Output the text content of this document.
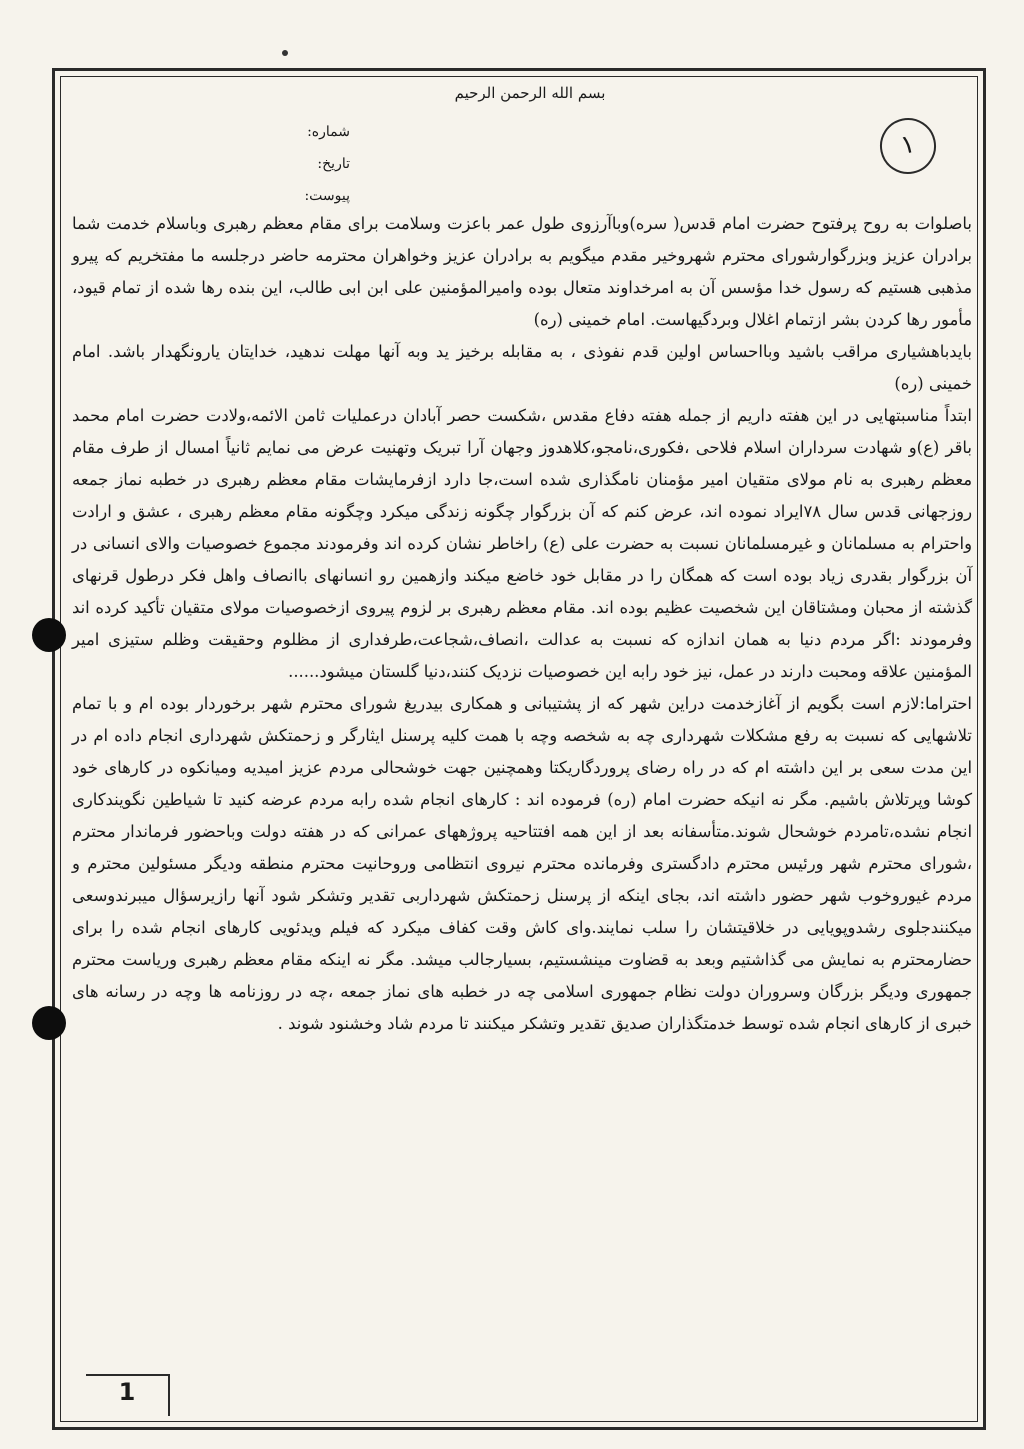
بسم الله الرحمن الرحیم
شماره:
تاریخ:
پیوست:
۱

باصلوات به روح پرفتوح حضرت امام قدس( سره)وباآرزوی طول عمر باعزت وسلامت برای مقام معظم رهبری وباسلام خدمت شما برادران عزیز وبزرگوارشورای محترم شهروخیر مقدم میگویم به برادران عزیز وخواهران محترمه حاضر درجلسه ما مفتخریم که پیرو مذهبی هستیم که رسول خدا مؤسس آن به امرخداوند متعال بوده وامیرالمؤمنین علی ابن ابی طالب، این بنده رها شده از تمام قیود، مأمور رها کردن بشر ازتمام اغلال وبردگیهاست. امام خمینی (ره)

بایدباهشیاری مراقب باشید وبااحساس اولین قدم نفوذی ، به مقابله برخیز ید وبه آنها مهلت ندهید، خدایتان یارونگهدار باشد. امام خمینی (ره)

ابتداً مناسبتهایی در این هفته داریم از جمله هفته دفاع مقدس ،شکست حصر آبادان درعملیات ثامن الائمه،ولادت حضرت امام محمد باقر (ع)و شهادت سرداران اسلام فلاحی ،فکوری،نامجو،کلاهدوز وجهان آرا تبریک وتهنیت عرض می نمایم ثانیاً امسال از طرف مقام معظم رهبری به نام مولای متقیان امیر مؤمنان نامگذاری شده است،جا دارد ازفرمایشات مقام معظم رهبری در خطبه نماز جمعه روزجهانی قدس سال ۷۸ایراد نموده اند، عرض کنم که آن بزرگوار چگونه زندگی میکرد وچگونه مقام معظم رهبری ، عشق و ارادت واحترام به مسلمانان و غیرمسلمانان نسبت به حضرت علی (ع) راخاطر نشان کرده اند وفرمودند مجموع خصوصیات والای انسانی در آن بزرگوار بقدری زیاد بوده است که همگان را در مقابل خود خاضع میکند وازهمین رو انسانهای باانصاف واهل فکر درطول قرنهای گذشته از محبان ومشتاقان این شخصیت عظیم بوده اند. مقام معظم رهبری بر لزوم پیروی ازخصوصیات مولای متقیان تأکید کرده اند وفرمودند :اگر مردم دنیا به همان اندازه که نسبت به عدالت ،انصاف،شجاعت،طرفداری از مظلوم وحقیقت وظلم ستیزی امیر المؤمنین علاقه ومحبت دارند در عمل، نیز خود رابه این خصوصیات نزدیک کنند،دنیا گلستان میشود......

احتراما:لازم است بگویم از آغازخدمت دراین شهر که از پشتیبانی و همکاری بیدریغ شورای محترم شهر برخوردار بوده ام و با تمام تلاشهایی که نسبت به رفع مشکلات شهرداری چه به شخصه وچه با همت کلیه پرسنل ایثارگر و زحمتکش شهرداری انجام داده ام در این مدت سعی بر این داشته ام که در راه رضای پروردگاریکتا وهمچنین جهت خوشحالی مردم عزیز امیدیه ومیانکوه در کارهای خود کوشا وپرتلاش باشیم. مگر نه انیکه حضرت امام (ره) فرموده اند : کارهای انجام شده رابه مردم عرضه کنید تا شیاطین نگویندکاری انجام نشده،تامردم خوشحال شوند.متأسفانه بعد از این همه افتتاحیه پروژههای عمرانی که در هفته دولت وباحضور فرماندار محترم ،شورای محترم شهر ورئیس محترم دادگستری وفرمانده محترم نیروی انتظامی وروحانیت محترم منطقه ودیگر مسئولین محترم و مردم غیوروخوب شهر حضور داشته اند، بجای اینکه از پرسنل زحمتکش شهرداربی تقدیر وتشکر شود آنها رازیرسؤال میبرندوسعی میکنندجلوی رشدوپویایی در خلاقیتشان را سلب نمایند.وای کاش وقت کفاف میکرد که فیلم ویدئویی کارهای انجام شده را برای حضارمحترم به نمایش می گذاشتیم وبعد به قضاوت مینشستیم، بسیارجالب میشد. مگر نه اینکه مقام معظم رهبری وریاست محترم جمهوری ودیگر بزرگان وسروران دولت نظام جمهوری اسلامی چه در خطبه های نماز جمعه ،چه در روزنامه ها وچه در رسانه های خبری از کارهای انجام شده توسط خدمتگذاران صدیق تقدیر وتشکر میکنند تا مردم شاد وخشنود شوند .

1
